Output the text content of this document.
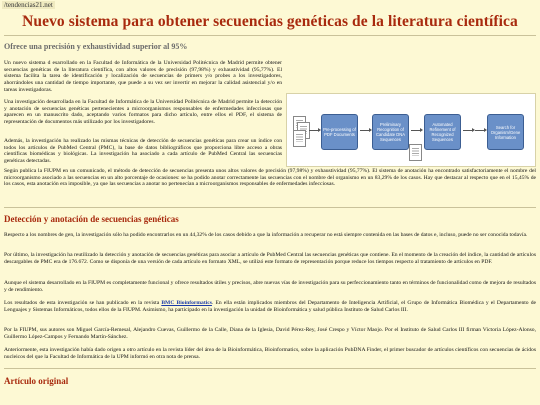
/tendencias21.net
Nuevo sistema para obtener secuencias genéticas de la literatura científica
Ofrece una precisión y exhaustividad superior al 95%

Un nuevo sistema d esarrollado en la Facultad de Informática de la Universidad Politécnica de Madrid permite obtener secuencias genéticas de la literatura científica, con altos valores de precisión (97,98%) y exhaustividad (95,77%). El sistema facilita la tarea de identificación y localización de secuencias de primers y/o probes a los investigadores, ahorrándoles una cantidad de tiempo importante, que puede a su vez ser invertir en mejorar la calidad asistencial y/o en tareas investigadoras.

Una investigación desarrollada en la Facultad de Informática de la Universidad Politécnica de Madrid permite la detección y anotación de secuencias genéticas pertenecientes a microorganismos responsables de enfermedades infecciosas que aparecen en un manuscrito dado, aceptando varios formatos para dicho artículo, entre ellos el PDF, el sistema de representación de documentos más utilizado por los investigadores.

Además, la investigación ha realizado las mismas técnicas de detección de secuencias genéticas para crear un índice con todos los artículos de PubMed Central (PMC), la base de datos bibliográficos que proporciona libre acceso a obras científicas biomédicas y biológicas. La investigación ha asociado a cada artículo de PubMed Central las secuencias genéticas detectadas.

Según publica la FIUPM en un comunicado, el método de detección de secuencias presenta unos altos valores de precisión (97,98%) y exhaustividad (95,77%). El sistema de anotación ha encontrado satisfactoriamente el nombre del microorganismo asociado a las secuencias en un alto porcentaje de ocasiones: se ha podido anotar correctamente las secuencias con el nombre del organismo en un 83,29% de los casos. Hay que destacar al respecto que en el 15,45% de los casos, esta anotación era imposible, ya que las secuencias a anotar no pertenecían a microorganismos responsables de enfermedades infecciosas.

Pre-processing of PDF Documents
Preliminary Recognition of Candidate DNA Sequences
Automated Refinement of Recognized Sequences
Search for Organism/Gene Information
Detección y anotación de secuencias genéticas

Respecto a los nombres de gen, la investigación sólo ha podido encontrarlos en un 44,32% de los casos debido a que la información a recuperar no está siempre contenida en las bases de datos e, incluso, puede no ser conocida todavía.

Por último, la investigación ha reutilizado la detección y anotación de secuencias genéticas para asociar a artículo de PubMed Central las secuencias genéticas que contiene. En el momento de la creación del índice, la cantidad de artículos descargables de PMC era de 176.672. Como se disponía de una versión de cada artículo en formato XML, se utilizó este formato de representación porque reduce los tiempos respecto al tratamiento de artículos en PDF.

Aunque el sistema desarrollado en la FIUPM es completamente funcional y ofrece resultados útiles y precisos, abre nuevas vías de investigación para su perfeccionamiento tanto en términos de funcionalidad como de mejora de resultados y de rendimiento.

Los resultados de esta investigación se han publicado en la revista BMC Bioinformatics. En ella están implicados miembros del Departamento de Inteligencia Artificial, el Grupo de Informática Biomédica y el Departamento de Lenguajes y Sistemas Informáticos, todos ellos de la FIUPM. Asimismo, ha participado en la investigación la unidad de Bioinformática y salud pública Instituto de Salud Carlos III.

Por la FIUPM, sus autores son Miguel García-Remesal, Alejandro Cuevas, Guillermo de la Calle, Diana de la Iglesia, David Pérez-Rey, José Crespo y Víctor Maojo. Por el Instituto de Salud Carlos III firman Victoria López-Alonso, Guillermo López-Campos y Fernando Martín-Sánchez.

Anteriormente, esta investigación había dado origen a otro artículo en la revista líder del área de la Bioinformática, Bioinformatics, sobre la aplicación PubDNA Finder, el primer buscador de artículos científicos con secuencias de ácidos nucleicos del que la Facultad de Informática de la UPM informó en otra nota de prensa.

Artículo original
